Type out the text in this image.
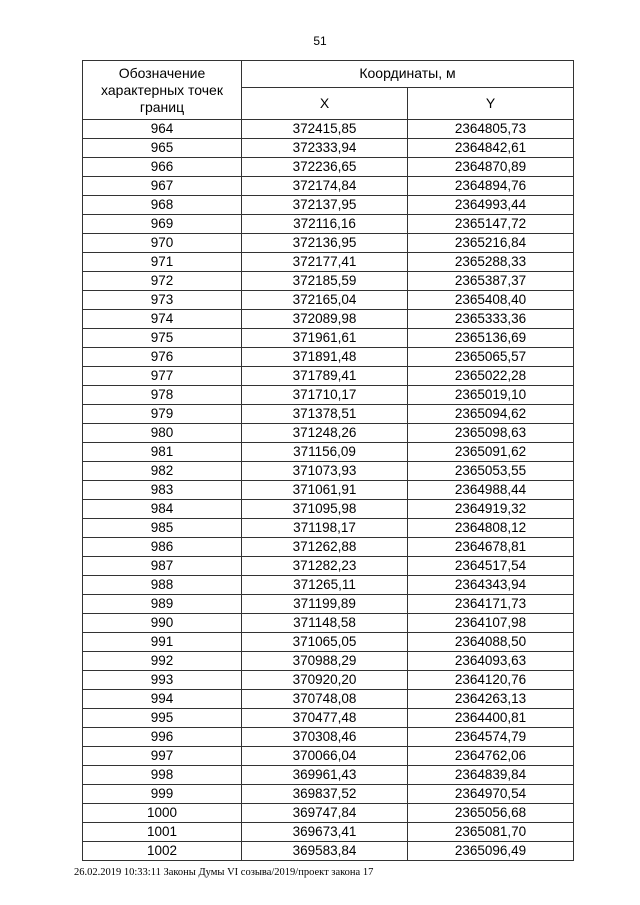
51
Обозначение характерных точек границ	Координаты, м	
	X	Y
964	372415,85	2364805,73
965	372333,94	2364842,61
966	372236,65	2364870,89
967	372174,84	2364894,76
968	372137,95	2364993,44
969	372116,16	2365147,72
970	372136,95	2365216,84
971	372177,41	2365288,33
972	372185,59	2365387,37
973	372165,04	2365408,40
974	372089,98	2365333,36
975	371961,61	2365136,69
976	371891,48	2365065,57
977	371789,41	2365022,28
978	371710,17	2365019,10
979	371378,51	2365094,62
980	371248,26	2365098,63
981	371156,09	2365091,62
982	371073,93	2365053,55
983	371061,91	2364988,44
984	371095,98	2364919,32
985	371198,17	2364808,12
986	371262,88	2364678,81
987	371282,23	2364517,54
988	371265,11	2364343,94
989	371199,89	2364171,73
990	371148,58	2364107,98
991	371065,05	2364088,50
992	370988,29	2364093,63
993	370920,20	2364120,76
994	370748,08	2364263,13
995	370477,48	2364400,81
996	370308,46	2364574,79
997	370066,04	2364762,06
998	369961,43	2364839,84
999	369837,52	2364970,54
1000	369747,84	2365056,68
1001	369673,41	2365081,70
1002	369583,84	2365096,49
26.02.2019 10:33:11 Законы Думы VI созыва/2019/проект закона 17
